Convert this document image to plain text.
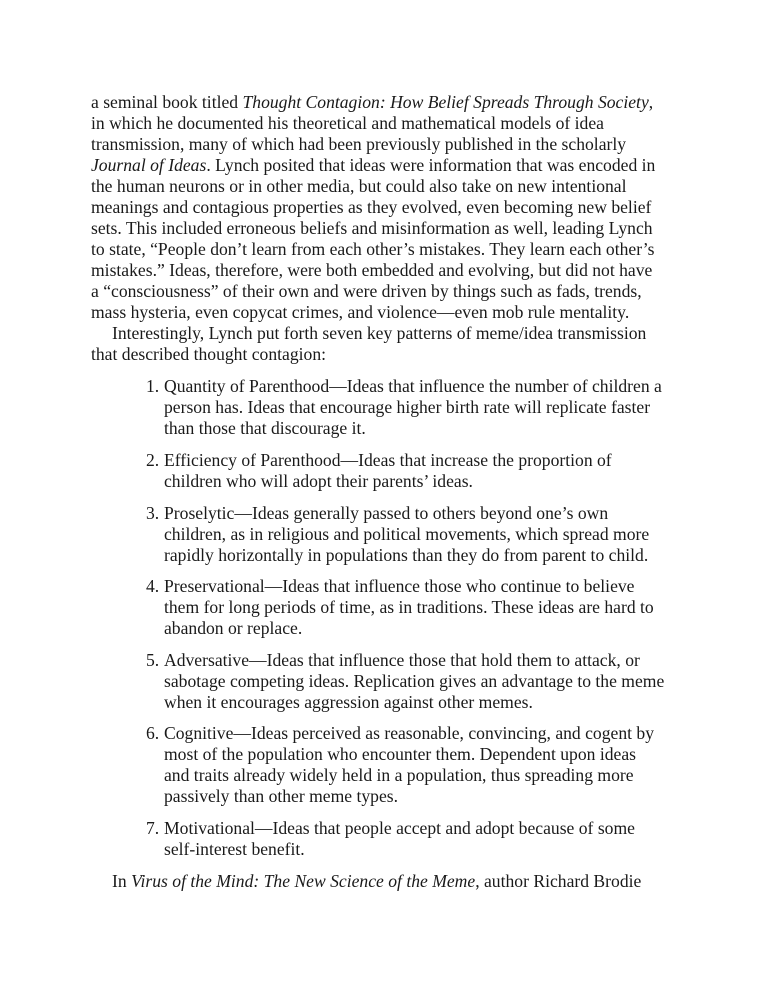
a seminal book titled Thought Contagion: How Belief Spreads Through Society,
in which he documented his theoretical and mathematical models of idea
transmission, many of which had been previously published in the scholarly
Journal of Ideas. Lynch posited that ideas were information that was encoded in
the human neurons or in other media, but could also take on new intentional
meanings and contagious properties as they evolved, even becoming new belief
sets. This included erroneous beliefs and misinformation as well, leading Lynch
to state, “People don’t learn from each other’s mistakes. They learn each other’s
mistakes.” Ideas, therefore, were both embedded and evolving, but did not have
a “consciousness” of their own and were driven by things such as fads, trends,
mass hysteria, even copycat crimes, and violence—even mob rule mentality.
Interestingly, Lynch put forth seven key patterns of meme/idea transmission
that described thought contagion:
1. Quantity of Parenthood—Ideas that influence the number of children a
person has. Ideas that encourage higher birth rate will replicate faster
than those that discourage it.
2. Efficiency of Parenthood—Ideas that increase the proportion of
children who will adopt their parents’ ideas.
3. Proselytic—Ideas generally passed to others beyond one’s own
children, as in religious and political movements, which spread more
rapidly horizontally in populations than they do from parent to child.
4. Preservational—Ideas that influence those who continue to believe
them for long periods of time, as in traditions. These ideas are hard to
abandon or replace.
5. Adversative—Ideas that influence those that hold them to attack, or
sabotage competing ideas. Replication gives an advantage to the meme
when it encourages aggression against other memes.
6. Cognitive—Ideas perceived as reasonable, convincing, and cogent by
most of the population who encounter them. Dependent upon ideas
and traits already widely held in a population, thus spreading more
passively than other meme types.
7. Motivational—Ideas that people accept and adopt because of some
self-interest benefit.
In Virus of the Mind: The New Science of the Meme, author Richard Brodie
